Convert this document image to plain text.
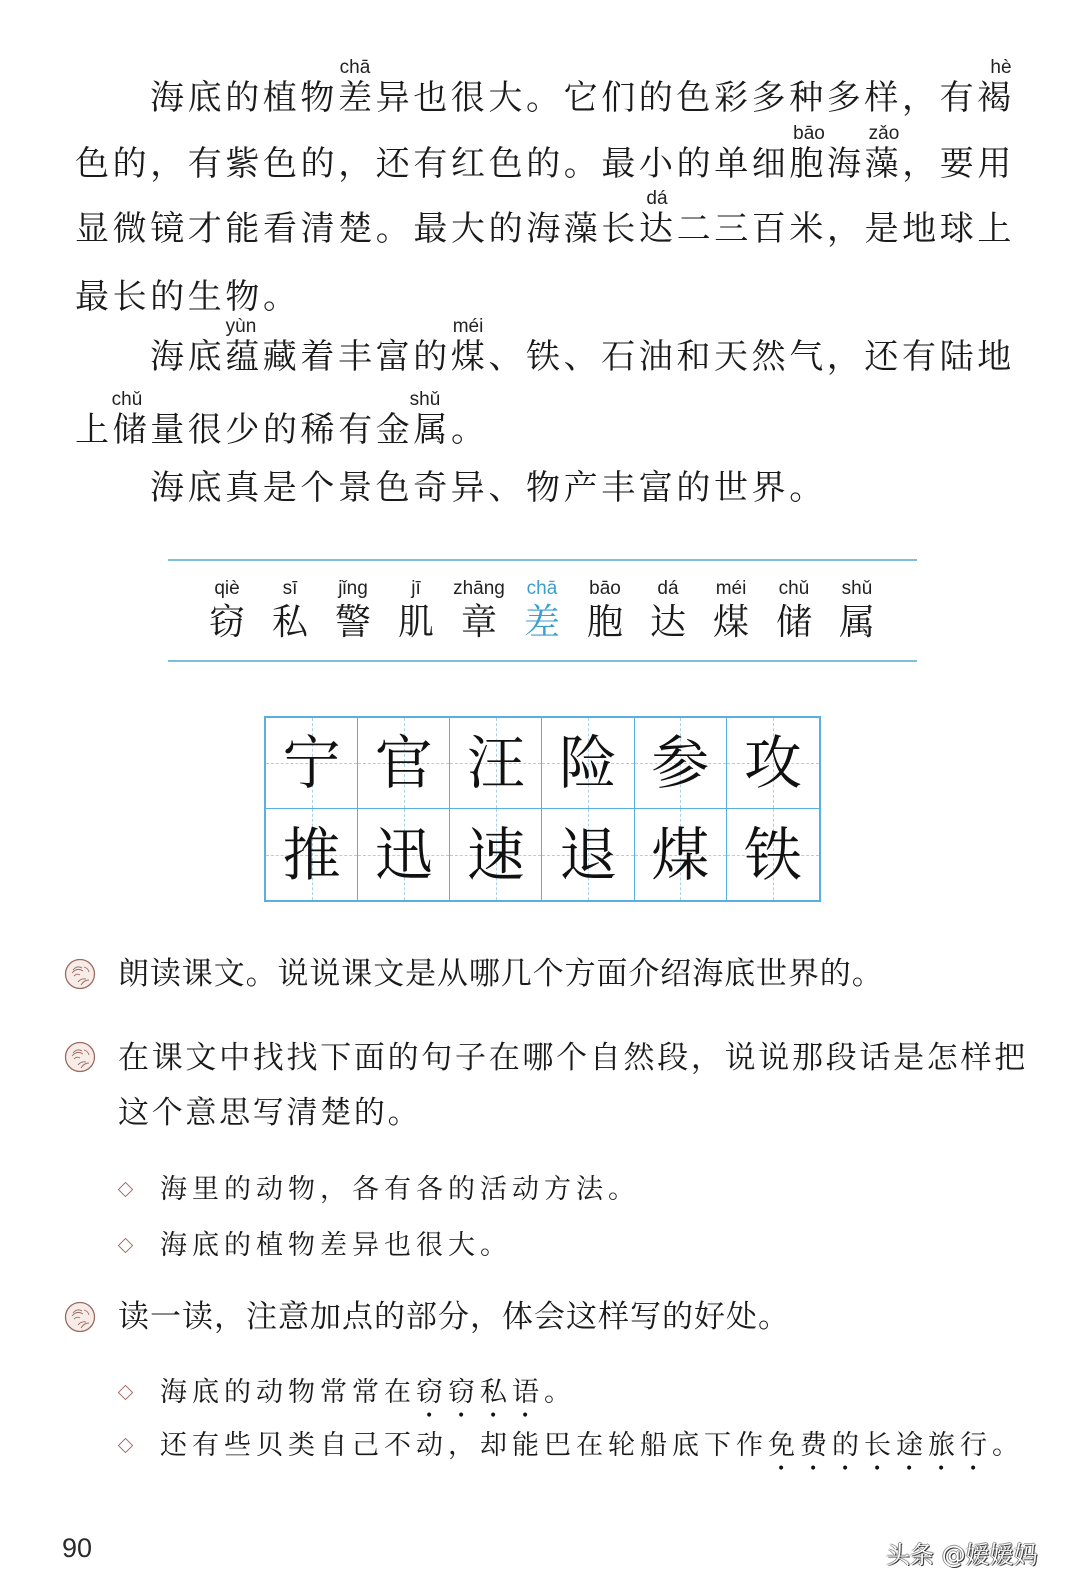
chā	hè
海底的植物差异也很大。它们的色彩多种多样，有褐
bāo zǎo
色的，有紫色的，还有红色的。最小的单细胞海藻，要用
dá
显微镜才能看清楚。最大的海藻长达二三百米，是地球上
最长的生物。
yùn	méi
海底蕴藏着丰富的煤、铁、石油和天然气，还有陆地
chǔ	shǔ
上储量很少的稀有金属。
海底真是个景色奇异、物产丰富的世界。
qiè
窃
sī
私
jǐng
警
jī
肌
zhāng
章
chā
差
bāo
胞
dá
达
méi
煤
chǔ
储
shǔ
属
宁 官 汪 险 参 攻
推 迅 速 退 煤 铁
朗读课文。说说课文是从哪几个方面介绍海底世界的。
在课文中找找下面的句子在哪个自然段，说说那段话是怎样把
这个意思写清楚的。
海里的动物，各有各的活动方法。
海底的植物差异也很大。
读一读，注意加点的部分，体会这样写的好处。
海底的动物常常在窃窃私语。
还有些贝类自己不动，却能巴在轮船底下作免费的长途旅行。
90	头条 @嫒嫒妈
